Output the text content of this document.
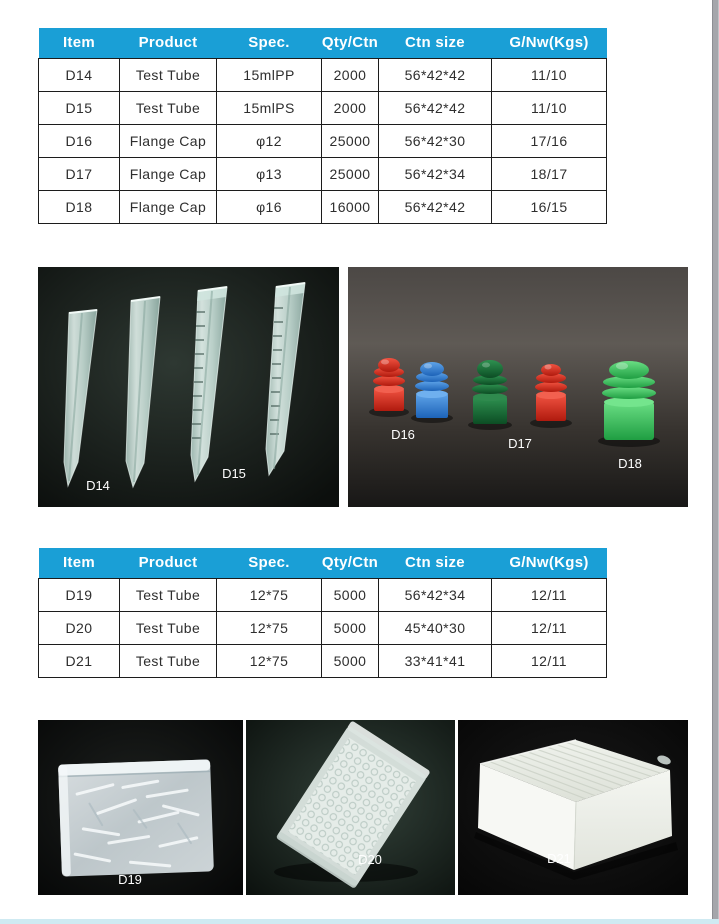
Item	Product	Spec.	Qty/Ctn	Ctn size	G/Nw(Kgs)
D14	Test Tube	15mlPP	2000	56*42*42	11/10
D15	Test Tube	15mlPS	2000	56*42*42	11/10
D16	Flange Cap	φ12	25000	56*42*30	17/16
D17	Flange Cap	φ13	25000	56*42*34	18/17
D18	Flange Cap	φ16	16000	56*42*42	16/15
D14
D15
D16
D17
D18
Item	Product	Spec.	Qty/Ctn	Ctn size	G/Nw(Kgs)
D19	Test Tube	12*75	5000	56*42*34	12/11
D20	Test Tube	12*75	5000	45*40*30	12/11
D21	Test Tube	12*75	5000	33*41*41	12/11
D19
D20	D21
